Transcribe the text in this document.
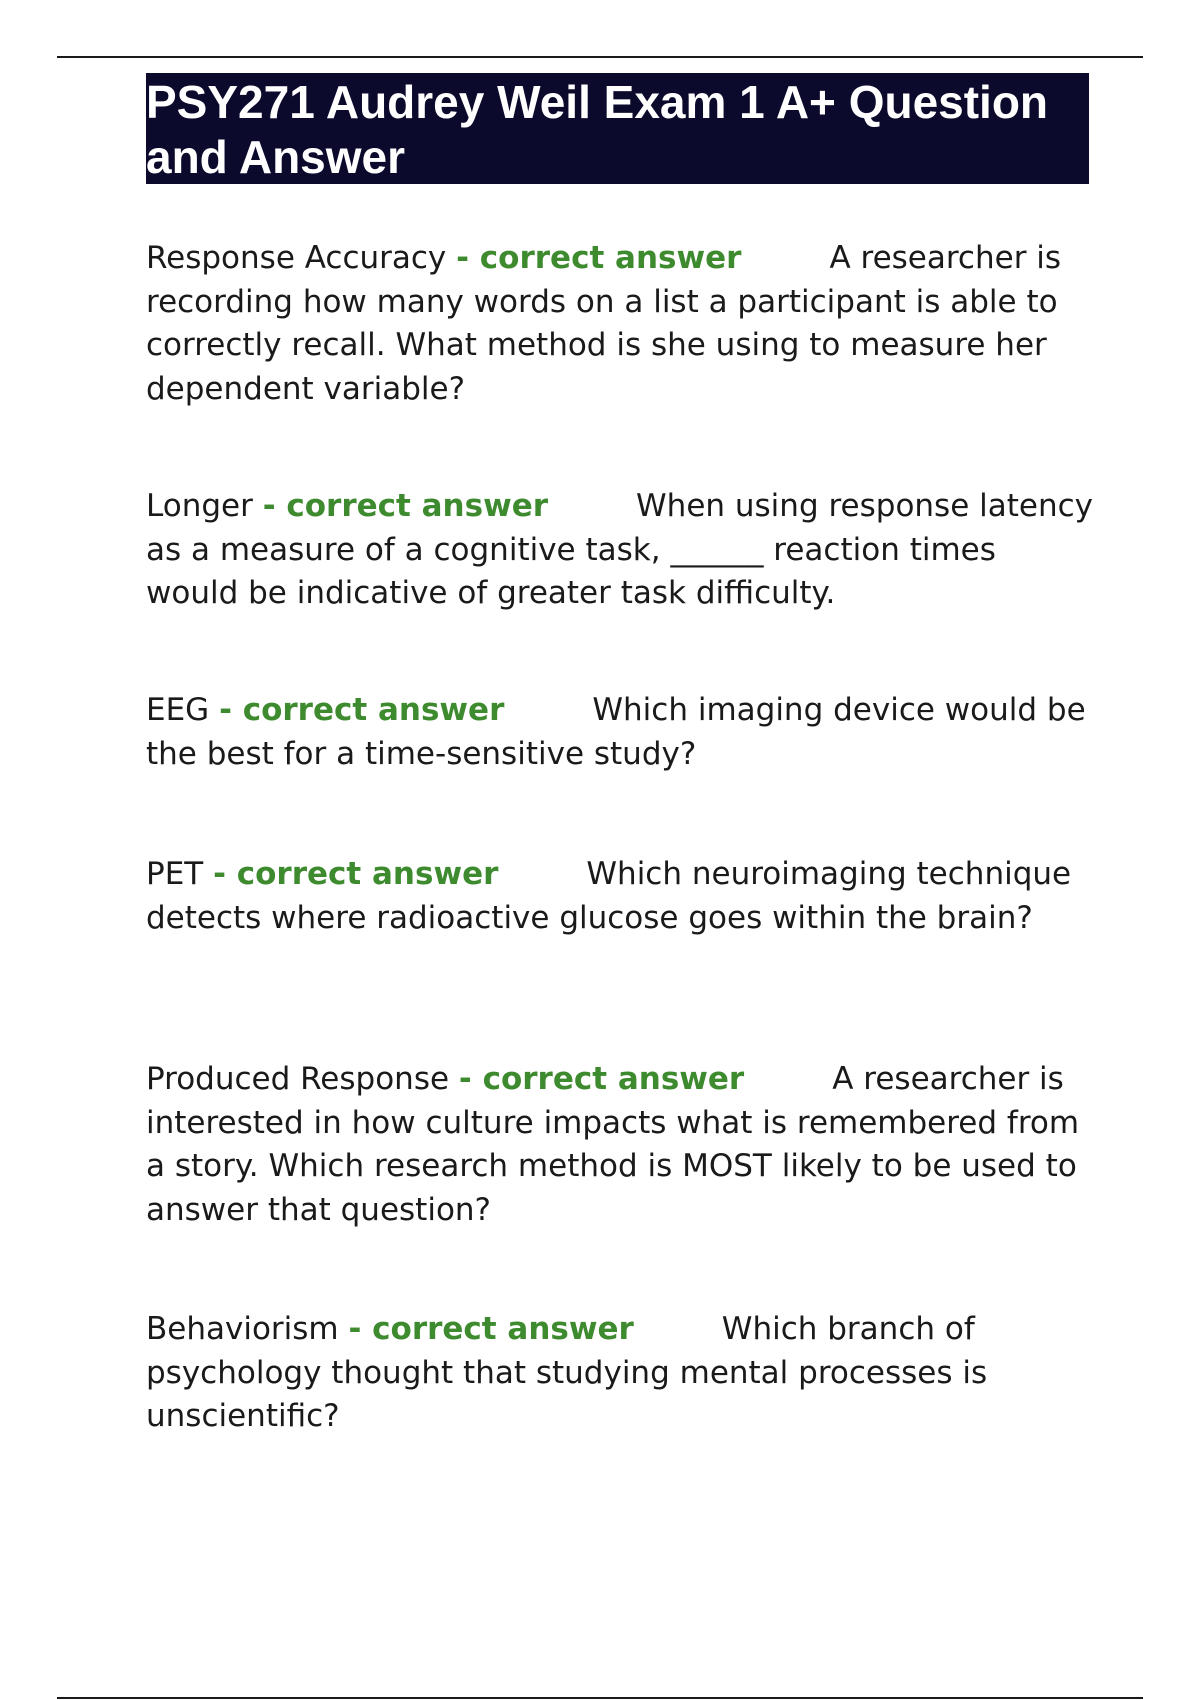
PSY271 Audrey Weil Exam 1 A+ Question and Answer

Response Accuracy - correct answer	A researcher is recording how many words on a list a participant is able to correctly recall. What method is she using to measure her dependent variable?

Longer - correct answer	When using response latency as a measure of a cognitive task, ______ reaction times would be indicative of greater task difficulty.

EEG - correct answer	Which imaging device would be the best for a time-sensitive study?

PET - correct answer	Which neuroimaging technique detects where radioactive glucose goes within the brain?

Produced Response - correct answer	A researcher is interested in how culture impacts what is remembered from a story. Which research method is MOST likely to be used to answer that question?

Behaviorism - correct answer	Which branch of psychology thought that studying mental processes is unscientific?
